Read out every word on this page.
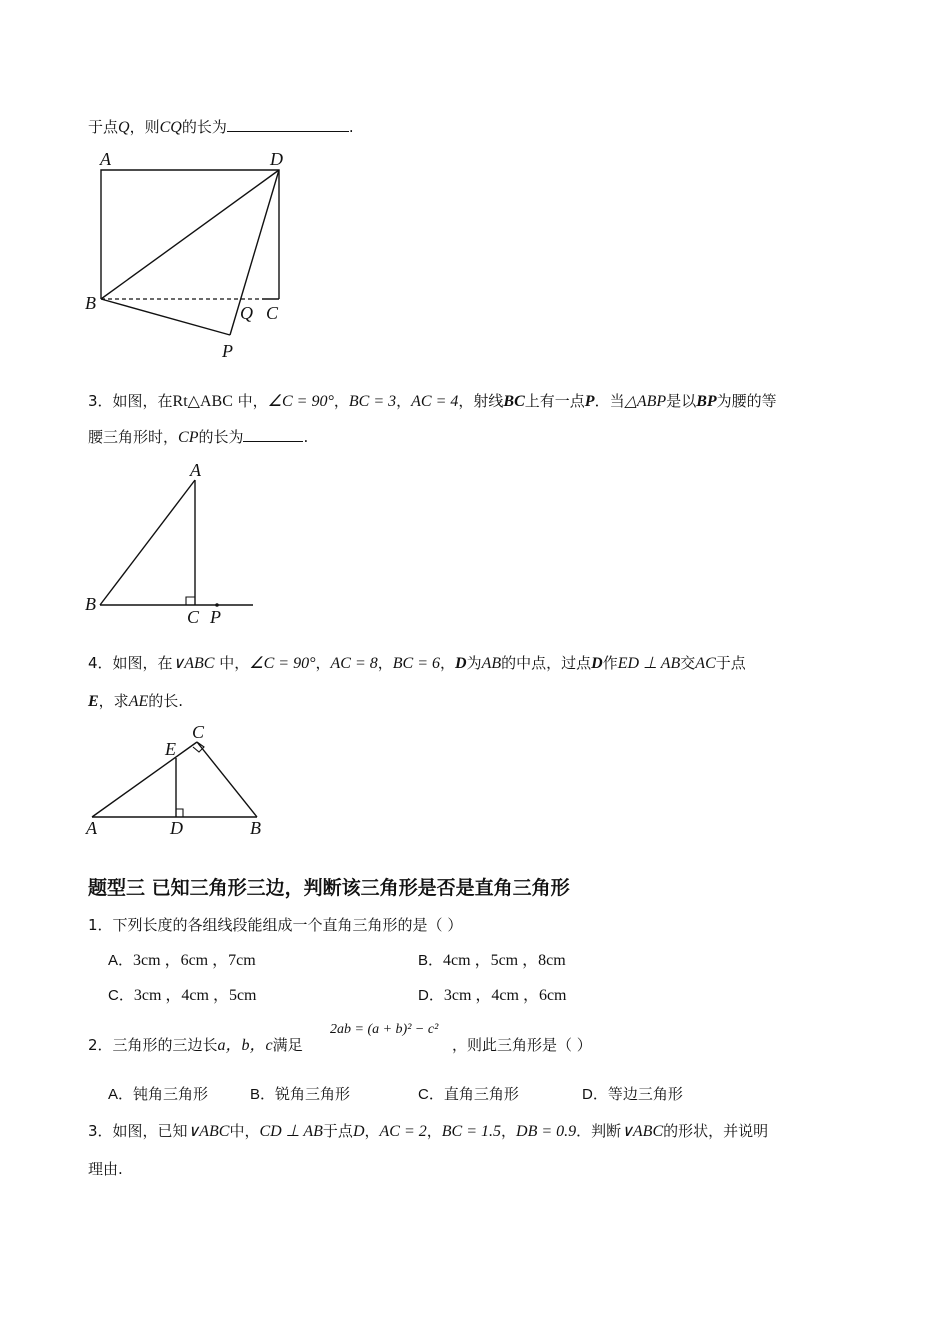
于点Q，则CQ的长为	.
A	D
B	Q C
P
3．如图，在Rt△ABC 中，∠C = 90°，BC = 3，AC = 4，射线BC上有一点P．当△ABP是以BP为腰的等
腰三角形时，CP的长为	.
A
B
C P
4．如图，在∨ABC 中，∠C = 90°，AC = 8，BC = 6，D为AB的中点，过点D作ED ⊥ AB交AC于点
E，求AE的长.
C
E
A	D	B
题型三 已知三角形三边，判断该三角形是否是直角三角形
1．下列长度的各组线段能组成一个直角三角形的是（ ）
A．3cm ，6cm ，7cm	B．4cm ，5cm ，8cm
C．3cm ，4cm ，5cm	D．3cm ，4cm ，6cm
2．三角形的三边长a，b，c满足
2ab = (a + b)² − c²
，则此三角形是（ ）
A．钝角三角形	B．锐角三角形	C．直角三角形	D．等边三角形
3．如图，已知∨ABC中，CD ⊥ AB于点D，AC = 2，BC = 1.5，DB = 0.9．判断∨ABC的形状，并说明
理由.
